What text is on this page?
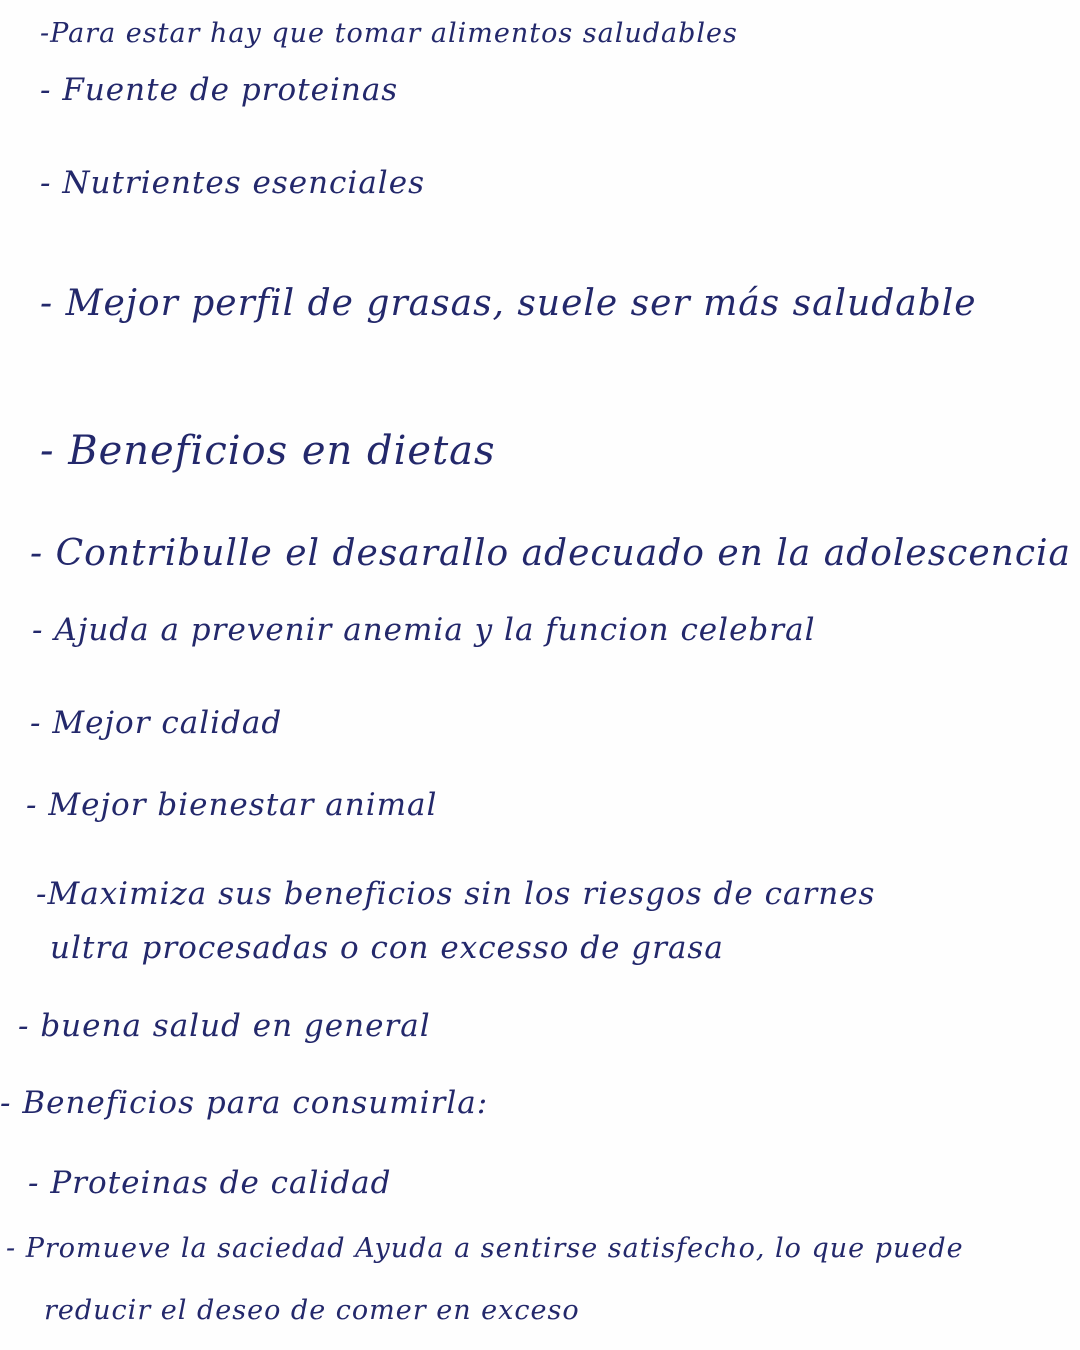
-Para estar hay que tomar alimentos saludables
- Fuente de proteinas
- Nutrientes esenciales
- Mejor perfil de grasas, suele ser más saludable
- Beneficios en dietas
- Contribulle el desarallo adecuado en la adolescencia
- Ajuda a prevenir anemia y la funcion celebral
- Mejor calidad
- Mejor bienestar animal
-Maximiza sus beneficios sin los riesgos de carnes
ultra procesadas o con excesso de grasa
- buena salud en general
- Beneficios para consumirla:
- Proteinas de calidad
- Promueve la saciedad Ayuda a sentirse satisfecho, lo que puede
reducir el deseo de comer en exceso
